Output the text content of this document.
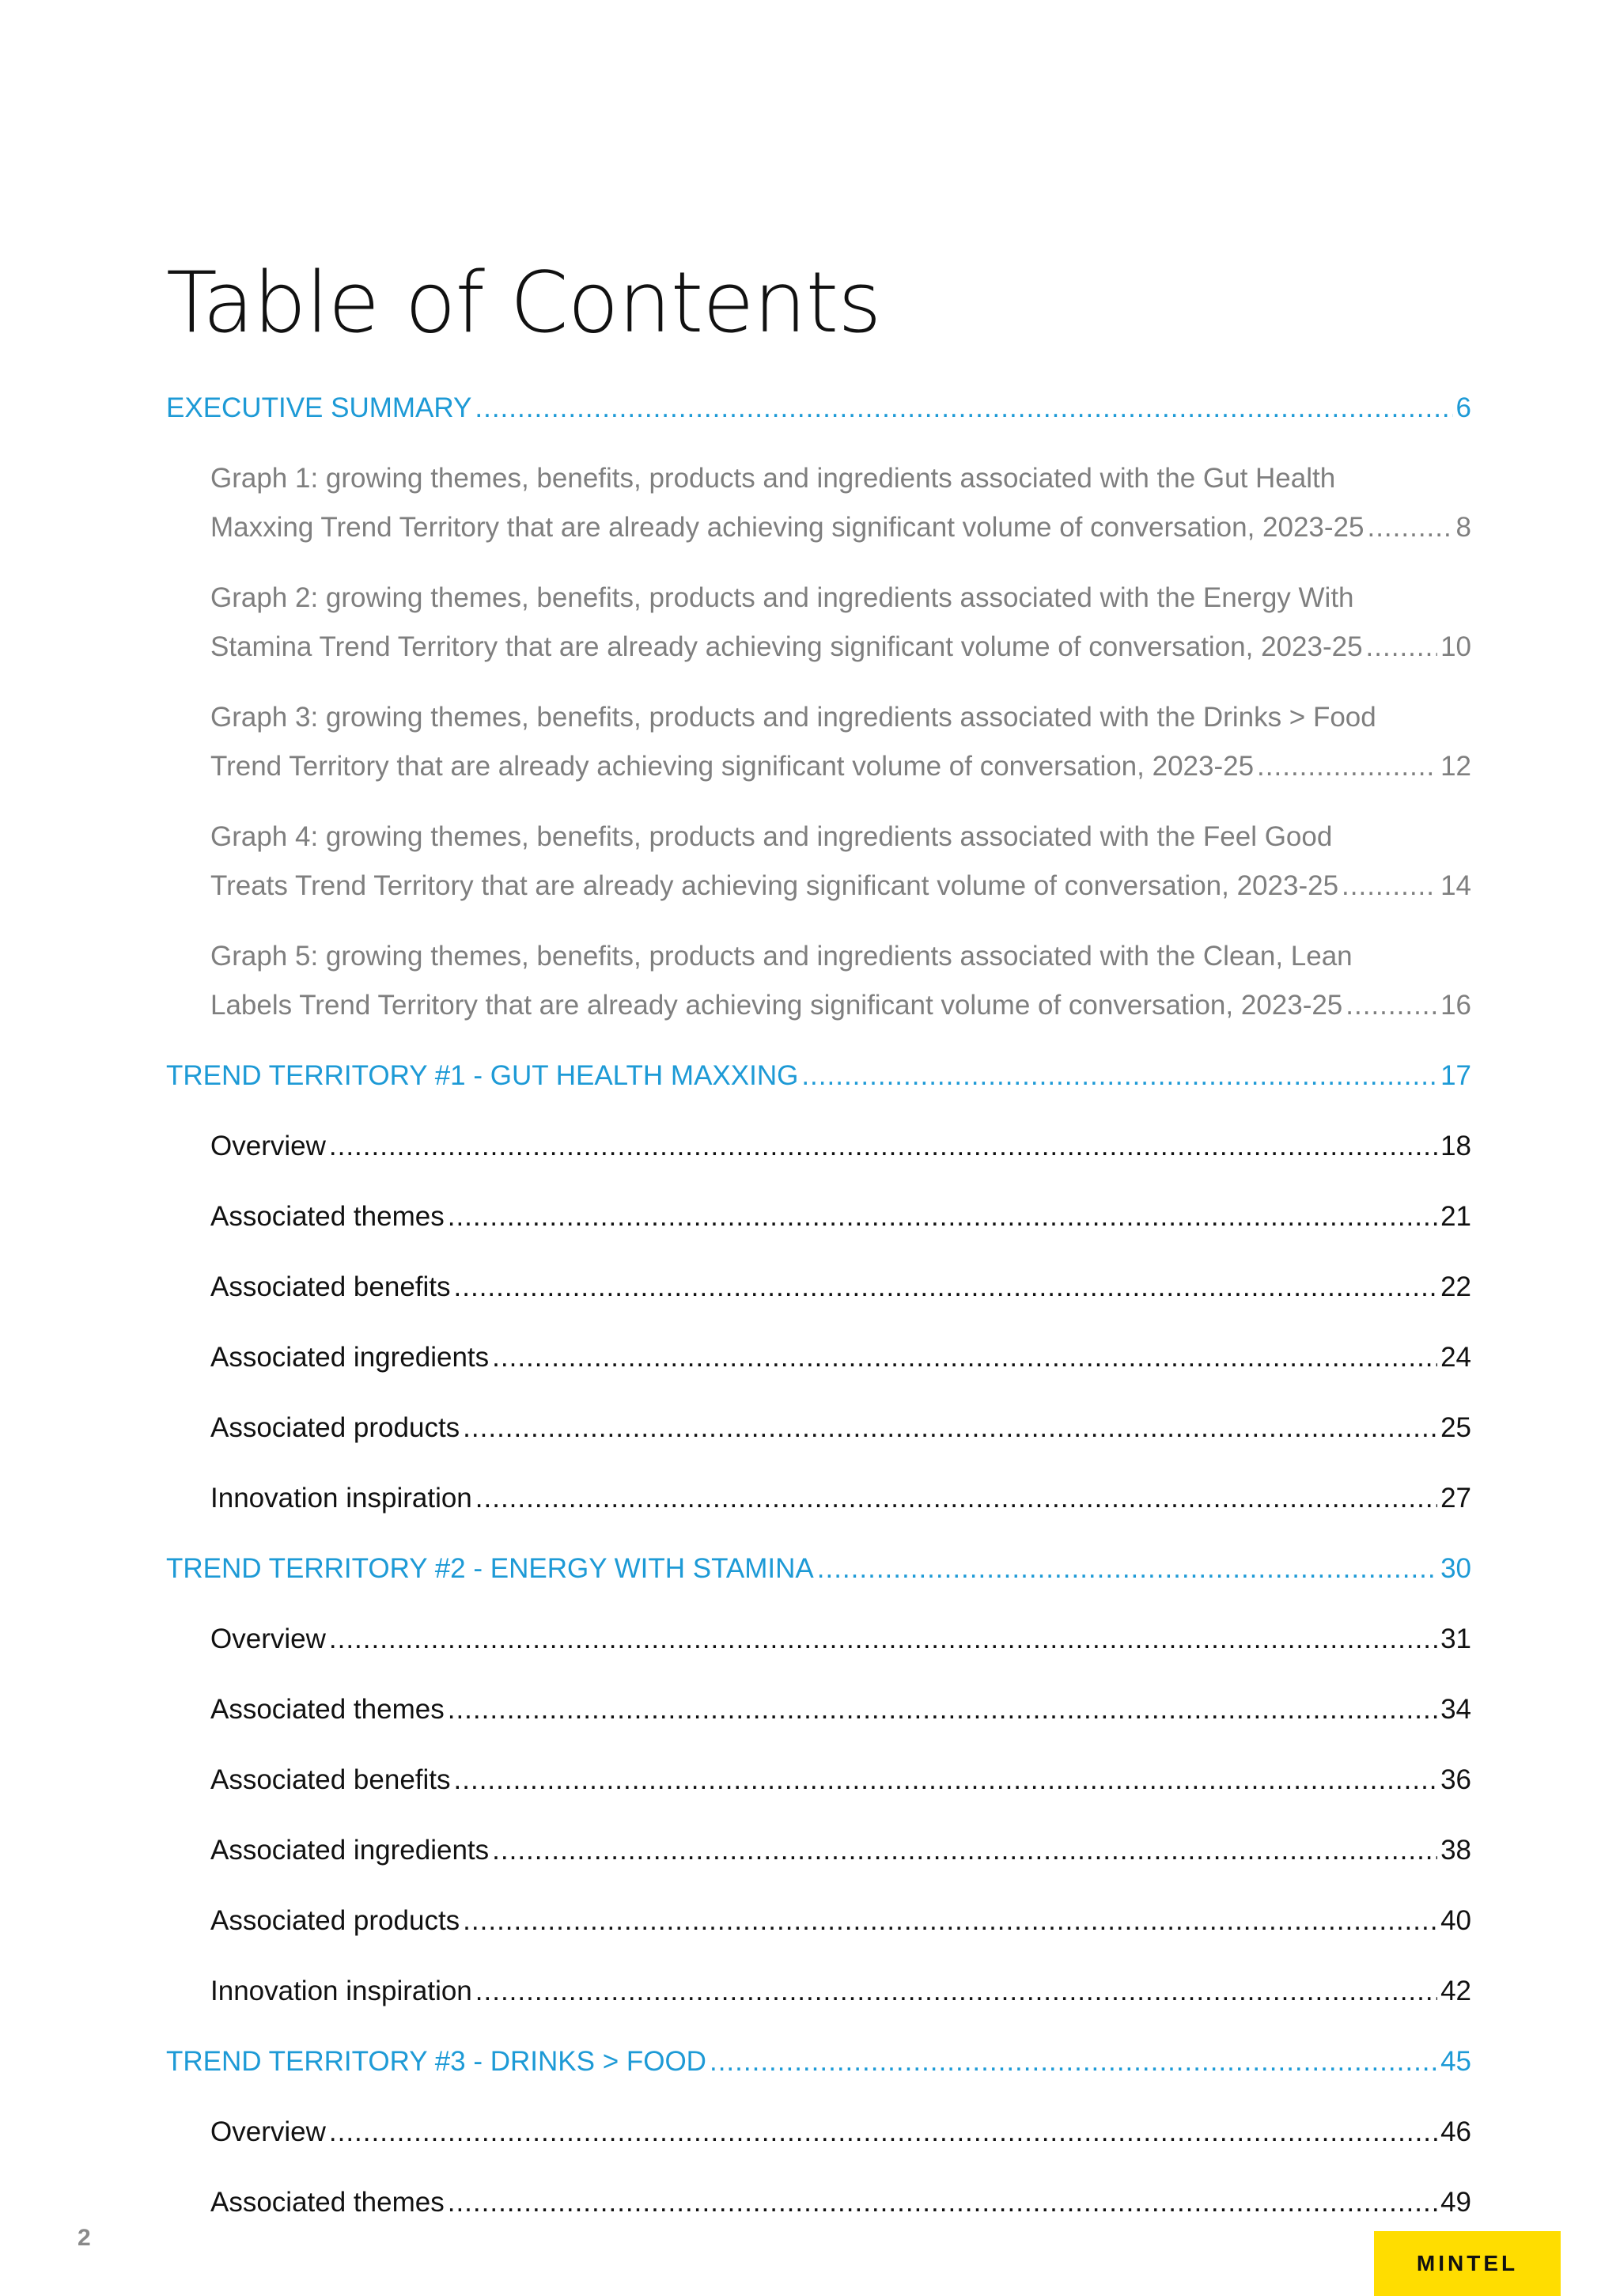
Table of Contents
EXECUTIVE SUMMARY .....	6
Graph 1: growing themes, benefits, products and ingredients associated with the Gut Health
Maxxing Trend Territory that are already achieving significant volume of conversation, 2023-25 .....	8
Graph 2: growing themes, benefits, products and ingredients associated with the Energy With
Stamina Trend Territory that are already achieving significant volume of conversation, 2023-25 .....	10
Graph 3: growing themes, benefits, products and ingredients associated with the Drinks > Food
Trend Territory that are already achieving significant volume of conversation, 2023-25 .....	12
Graph 4: growing themes, benefits, products and ingredients associated with the Feel Good
Treats Trend Territory that are already achieving significant volume of conversation, 2023-25 .....	14
Graph 5: growing themes, benefits, products and ingredients associated with the Clean, Lean
Labels Trend Territory that are already achieving significant volume of conversation, 2023-25 .....	16
TREND TERRITORY #1 - GUT HEALTH MAXXING .....	17
Overview .....	18
Associated themes .....	21
Associated benefits .....	22
Associated ingredients .....	24
Associated products .....	25
Innovation inspiration .....	27
TREND TERRITORY #2 - ENERGY WITH STAMINA .....	30
Overview .....	31
Associated themes .....	34
Associated benefits .....	36
Associated ingredients .....	38
Associated products .....	40
Innovation inspiration .....	42
TREND TERRITORY #3 - DRINKS > FOOD .....	45
Overview .....	46
Associated themes .....	49
2
MINTEL
